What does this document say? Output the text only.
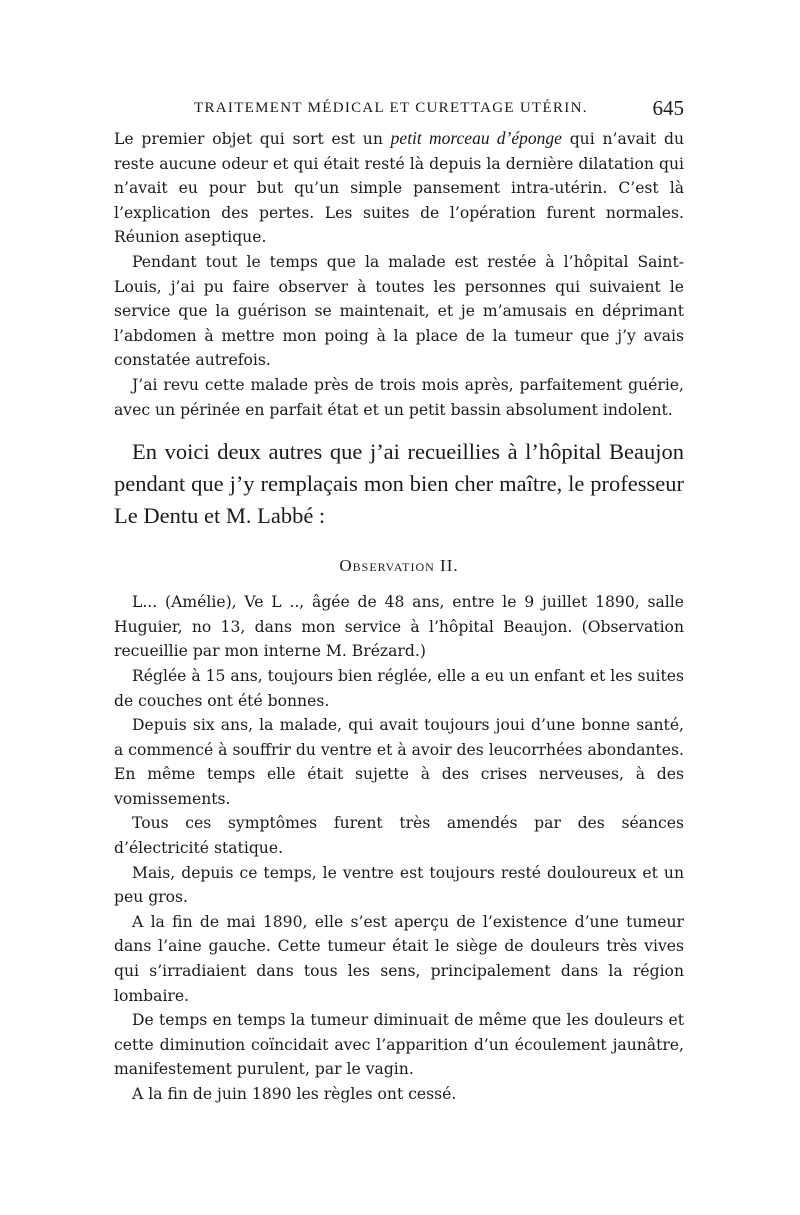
TRAITEMENT MÉDICAL ET CURETTAGE UTÉRIN.	645

Le premier objet qui sort est un petit morceau d’éponge qui n’avait du reste aucune odeur et qui était resté là depuis la dernière dilatation qui n’avait eu pour but qu’un simple pansement intra-utérin. C’est là l’explication des pertes. Les suites de l’opération furent normales. Réunion aseptique.

Pendant tout le temps que la malade est restée à l’hôpital Saint-Louis, j’ai pu faire observer à toutes les personnes qui suivaient le service que la guérison se maintenait, et je m’amusais en déprimant l’abdomen à mettre mon poing à la place de la tumeur que j’y avais constatée autrefois.

J’ai revu cette malade près de trois mois après, parfaitement guérie, avec un périnée en parfait état et un petit bassin absolument indolent.

En voici deux autres que j’ai recueillies à l’hôpital Beaujon pendant que j’y remplaçais mon bien cher maître, le professeur Le Dentu et M. Labbé :

Observation II.

L... (Amélie), Ve L .., âgée de 48 ans, entre le 9 juillet 1890, salle Huguier, no 13, dans mon service à l’hôpital Beaujon. (Observation recueillie par mon interne M. Brézard.)

Réglée à 15 ans, toujours bien réglée, elle a eu un enfant et les suites de couches ont été bonnes.

Depuis six ans, la malade, qui avait toujours joui d’une bonne santé, a commencé à souffrir du ventre et à avoir des leucorrhées abondantes. En même temps elle était sujette à des crises nerveuses, à des vomissements.

Tous ces symptômes furent très amendés par des séances d’électricité statique.

Mais, depuis ce temps, le ventre est toujours resté douloureux et un peu gros.

A la fin de mai 1890, elle s’est aperçu de l’existence d’une tumeur dans l’aine gauche. Cette tumeur était le siège de douleurs très vives qui s’irradiaient dans tous les sens, principalement dans la région lombaire.

De temps en temps la tumeur diminuait de même que les douleurs et cette diminution coïncidait avec l’apparition d’un écoulement jaunâtre, manifestement purulent, par le vagin.

A la fin de juin 1890 les règles ont cessé.
